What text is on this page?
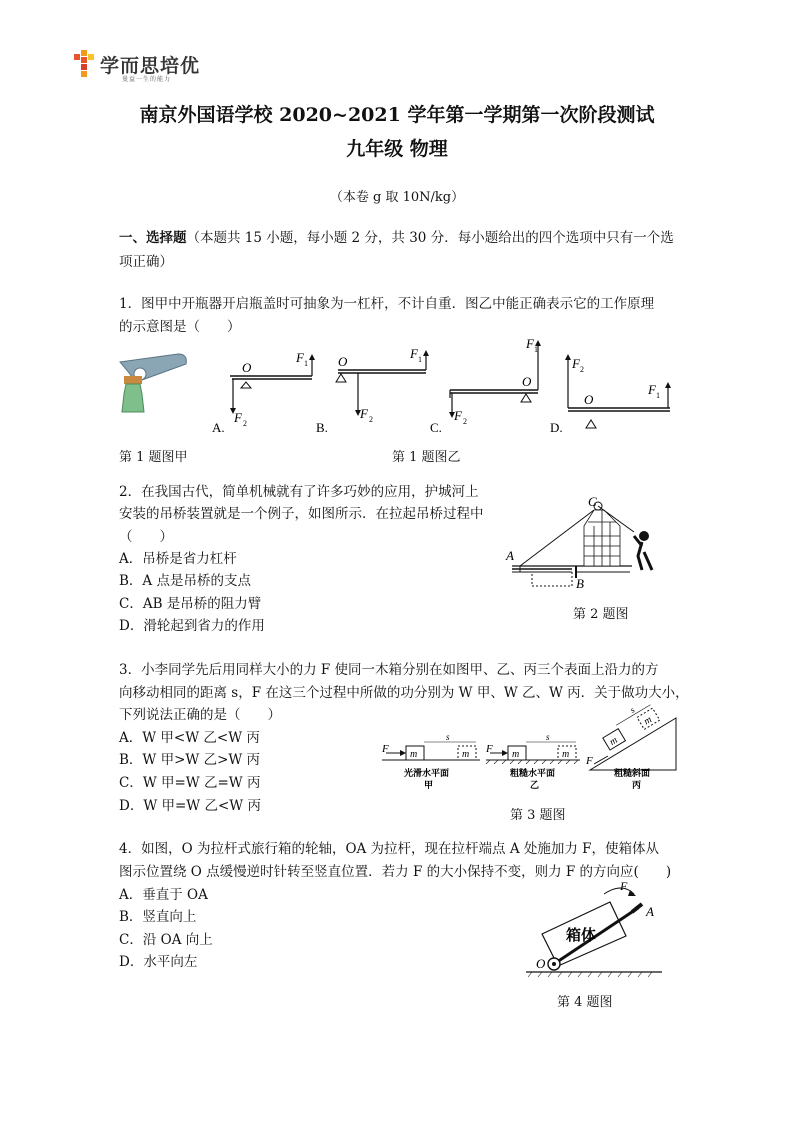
学而思培优
曼益一生的能力
南京外国语学校 2020~2021 学年第一学期第一次阶段测试
九年级 物理
（本卷 g 取 10N/kg）
一、选择题（本题共 15 小题，每小题 2 分，共 30 分．每小题给出的四个选项中只有一个选
项正确）
1．图甲中开瓶器开启瓶盖时可抽象为一杠杆，不计自重．图乙中能正确表示它的工作原理
的示意图是（　　）
O
F 1
F 2
A.
O
F 1
F 2
B.
O
F 1
F 2
C.
O
F 2
F 1
D.
第 1 题图甲	第 1 题图乙
2．在我国古代，简单机械就有了许多巧妙的应用，护城河上
安装的吊桥装置就是一个例子，如图所示．在拉起吊桥过程中
（　　）
A．吊桥是省力杠杆
B．A 点是吊桥的支点
C．AB 是吊桥的阻力臂
D．滑轮起到省力的作用
A
B
C
第 2 题图
3．小李同学先后用同样大小的力 F 使同一木箱分别在如图甲、乙、丙三个表面上沿力的方
向移动相同的距离 s，F 在这三个过程中所做的功分别为 W 甲、W 乙、W 丙．关于做功大小，
下列说法正确的是（　　）
A．W 甲<W 乙<W 丙
B．W 甲>W 乙>W 丙
C．W 甲=W 乙=W 丙
D．W 甲=W 乙<W 丙
F m	m
s
光滑水平面
甲
F m	m
s
粗糙水平面
乙
m
m
s
F
粗糙斜面
丙
第 3 题图
4．如图，O 为拉杆式旅行箱的轮轴，OA 为拉杆，现在拉杆端点 A 处施加力 F，使箱体从
图示位置绕 O 点缓慢逆时针转至竖直位置．若力 F 的大小保持不变，则力 F 的方向应(　　)
A．垂直于 OA
B．竖直向上
C．沿 OA 向上
D．水平向左
箱体
A
O
F
第 4 题图
